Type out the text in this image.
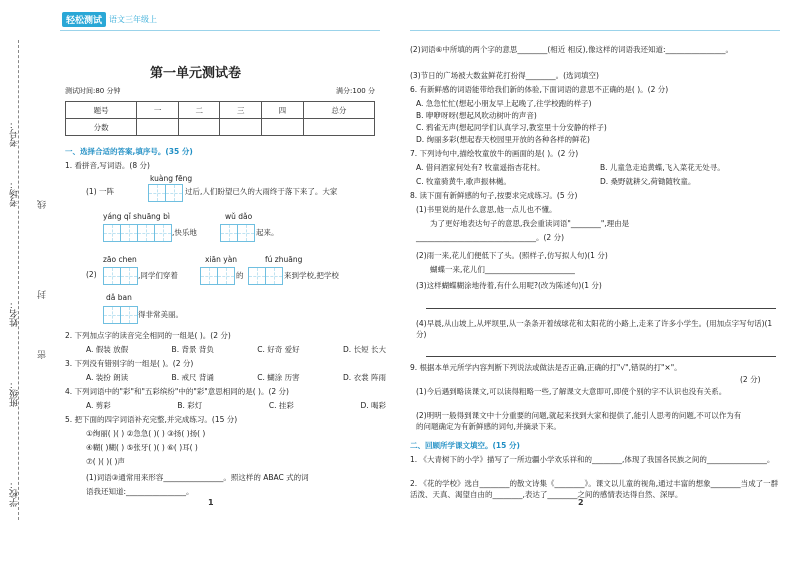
考号：
考场：
姓名：
班级：
学校：
线
封
密
轻松测试 语文三年级上
第一单元测试卷
测试时间:80 分钟	满分:100 分
题号	一	二	三	四	总分
分数					
一、选择合适的答案,填序号。(35 分)
1. 看拼音,写词语。(8 分)
kuàng fēng
(1) 一阵	过后,人们盼望已久的大雨终于落下来了。大家
yáng qǐ shuāng bì	wǔ dǎo
,快乐地	起来。
zāo chen	xiān yàn	fú zhuāng
(2)	,同学们穿着	的	来到学校,把学校
dǎ ban
得非常美丽。
2. 下列加点字的读音完全相同的一组是( )。(2 分)
A. 假装 放假	B. 背景 背负	C. 好奇 爱好	D. 长短 长大
3. 下列没有错别字的一组是( )。(2 分)
A. 装扮 朗读	B. 戒尺 背诵	C. 蝴涂 历害	D. 衣裳 阵雨
4. 下列词语中的"彩"和"五彩缤纷"中的"彩"意思相同的是( )。(2 分)
A. 剪彩	B. 彩灯	C. 挂彩	D. 喝彩
5. 把下面的四字词语补充完整,并完成练习。(15 分)
①绚丽( )( ) ②急急( )( ) ③扬( )扬( )
④糊( )糊( ) ⑤张牙( )( ) ⑥( )耳( )
⑦( )( )( )声
(1)词语③通常用来形容________________。照这样的 ABAC 式的词
语我还知道:________________。
1
(2)词语⑥中所填的两个字的意思________(相近 相反),像这样的词语我还知道:________________。
(3)节日的广场被大数盆鲜花打扮得________。(选词填空)
6. 有新鲜感的词语能带给我们新的体验,下面词语的意思不正确的是( )。(2 分)
A. 急急忙忙(想起小朋友早上起晚了,往学校跑的样子)
B. 咿咿呀呀(想起风吹动树叶的声音)
C. 鸦雀无声(想起同学们认真学习,教室里十分安静的样子)
D. 绚丽多彩(想起春天校园里开放的各种各样的鲜花)
7. 下列诗句中,描绘牧童放牛的画面的是( )。(2 分)
A. 借问酒家何处有? 牧童遥指杏花村。	B. 儿童急走追黄蝶,飞入菜花无处寻。
C. 牧童骑黄牛,歌声振林樾。	D. 桑野就耕父,荷锄随牧童。
8. 读下面有新鲜感的句子,按要求完成练习。(5 分)
(1)书里说的是什么意思,他一点儿也不懂。
为了更好地表达句子的意思,我会重读词语"________",理由是
________________________________。(2 分)
(2)雨一来,花儿们便低下了头。(照样子,仿写拟人句)(1 分)
蝴蝶一来,花儿们________________________
(3)这样蝴蝶糊涂地待着,有什么用呢?(改为陈述句)(1 分)
(4)早晨,从山坡上,从坪坝里,从一条条开着绒球花和太阳花的小路上,走来了许多小学生。(用加点字写句话)(1 分)
9. 根据本单元所学内容判断下列说法或做法是否正确,正确的打"√",错误的打"×"。
(2 分)
(1)今后遇到略读课文,可以读得粗略一些,了解课文大意即可,即使个别的字不认识也没有关系。
(2)明明一般得到课文中十分重要的问题,就起来找到大家和提供了,能引人思考的问题,不可以作为有的问题确定为有新鲜感的词句,并摘录下来。
二、回顾所学课文填空。(15 分)
1. 《大青树下的小学》描写了一所边疆小学欢乐祥和的________,体现了我国各民族之间的________________。
2. 《花的学校》选自________的散文诗集《________》。课文以儿童的视角,通过丰富的想象________当成了一群活泼、天真、渴望自由的________,表达了________之间的感情表达得自然、深厚。
2
